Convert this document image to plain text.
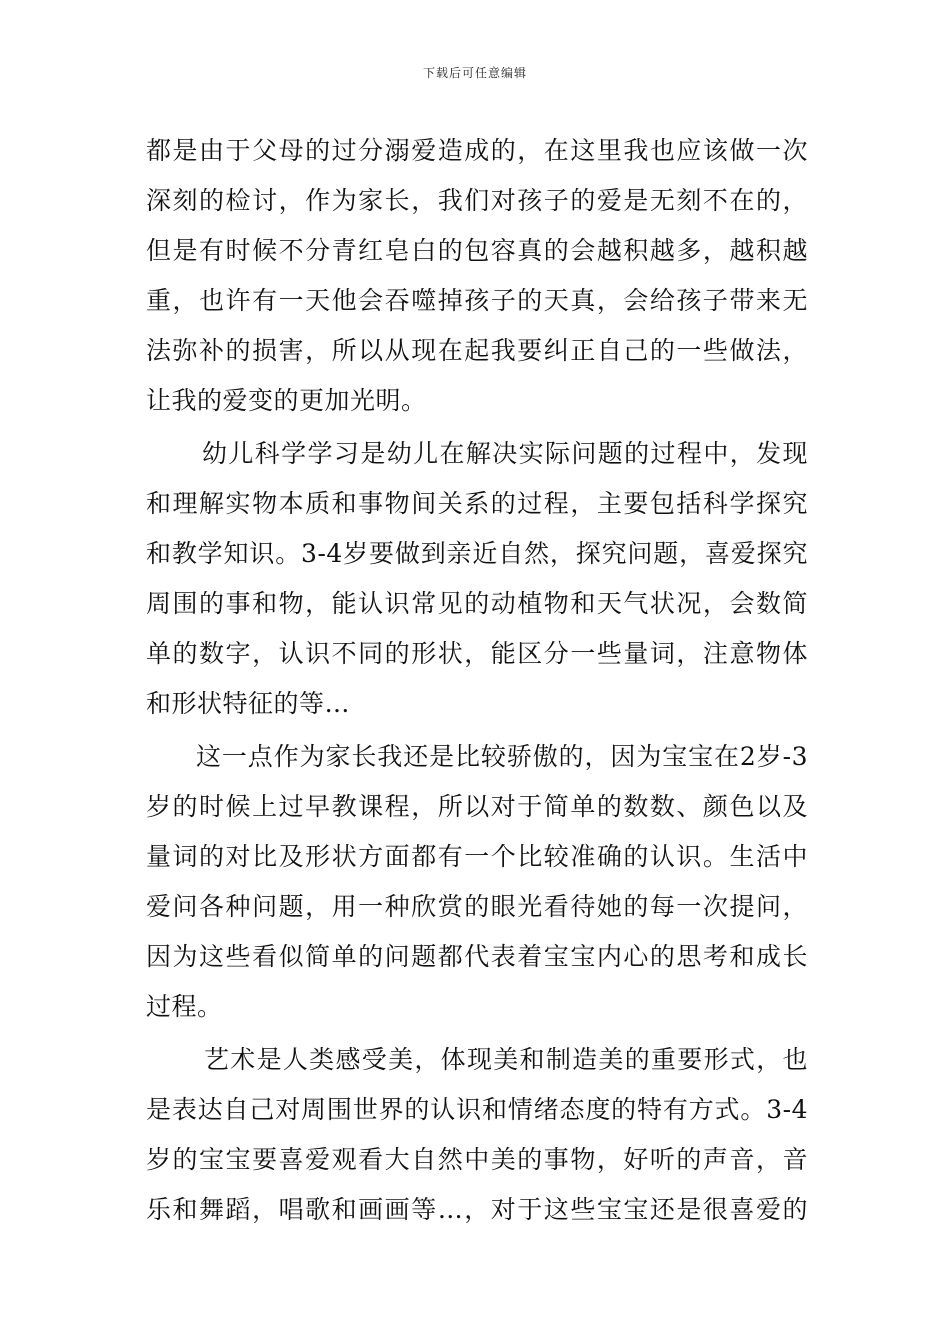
下载后可任意编辑
都是由于父母的过分溺爱造成的，在这里我也应该做一次
深刻的检讨，作为家长，我们对孩子的爱是无刻不在的，
但是有时候不分青红皂白的包容真的会越积越多，越积越
重，也许有一天他会吞噬掉孩子的天真，会给孩子带来无
法弥补的损害，所以从现在起我要纠正自己的一些做法，
让我的爱变的更加光明。
幼儿科学学习是幼儿在解决实际问题的过程中，发现
和理解实物本质和事物间关系的过程，主要包括科学探究
和教学知识。3-4岁要做到亲近自然，探究问题，喜爱探究
周围的事和物，能认识常见的动植物和天气状况，会数简
单的数字，认识不同的形状，能区分一些量词，注意物体
和形状特征的等…
这一点作为家长我还是比较骄傲的，因为宝宝在2岁-3
岁的时候上过早教课程，所以对于简单的数数、颜色以及
量词的对比及形状方面都有一个比较准确的认识。生活中
爱问各种问题，用一种欣赏的眼光看待她的每一次提问，
因为这些看似简单的问题都代表着宝宝内心的思考和成长
过程。
艺术是人类感受美，体现美和制造美的重要形式，也
是表达自己对周围世界的认识和情绪态度的特有方式。3-4
岁的宝宝要喜爱观看大自然中美的事物，好听的声音，音
乐和舞蹈，唱歌和画画等…，对于这些宝宝还是很喜爱的
